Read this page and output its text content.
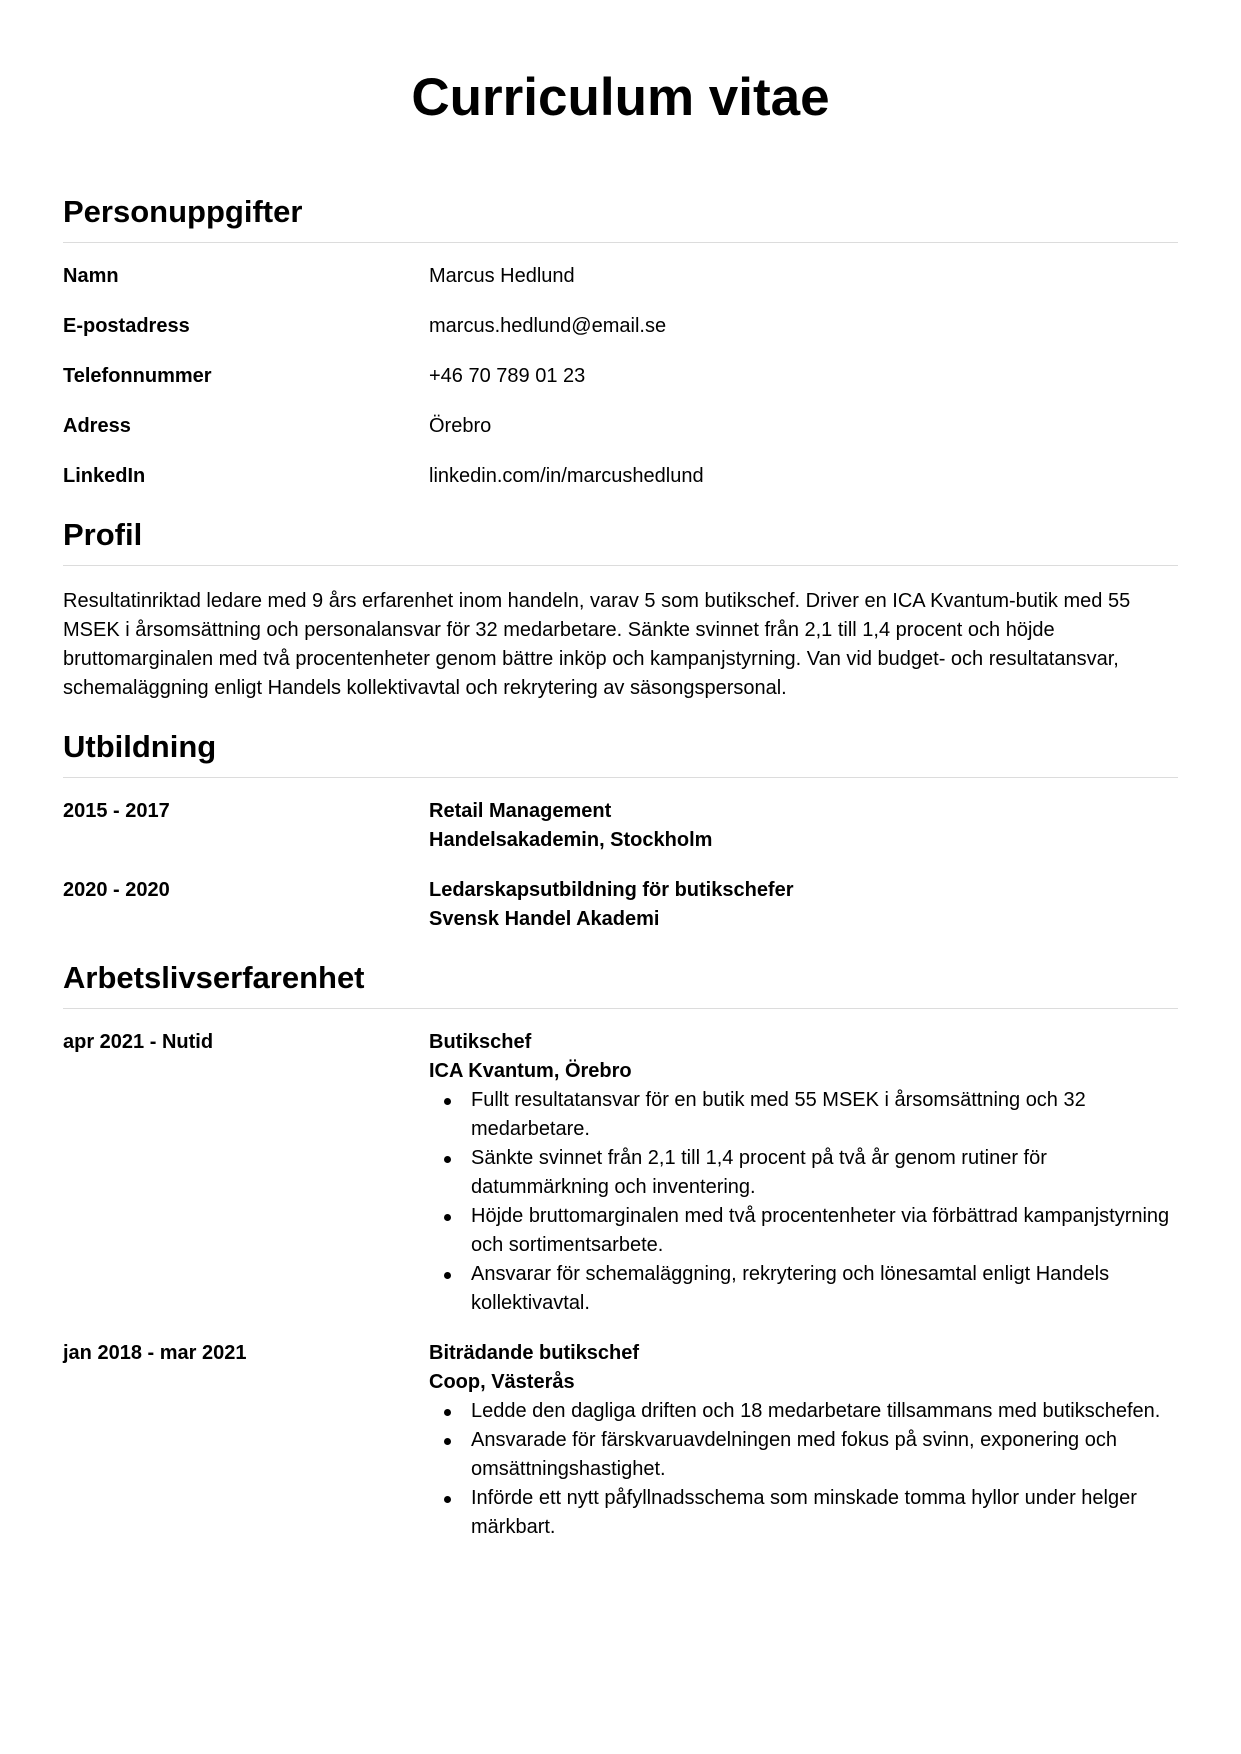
Curriculum vitae
Personuppgifter
Namn	Marcus Hedlund
E-postadress	marcus.hedlund@email.se
Telefonnummer	+46 70 789 01 23
Adress	Örebro
LinkedIn	linkedin.com/in/marcushedlund
Profil

Resultatinriktad ledare med 9 års erfarenhet inom handeln, varav 5 som butikschef. Driver en ICA Kvantum-butik med 55 MSEK i årsomsättning och personalansvar för 32 medarbetare. Sänkte svinnet från 2,1 till 1,4 procent och höjde bruttomarginalen med två procentenheter genom bättre inköp och kampanjstyrning. Van vid budget- och resultatansvar, schemaläggning enligt Handels kollektivavtal och rekrytering av säsongspersonal.

Utbildning
2015 - 2017	Retail Management
Handelsakademin, Stockholm
2020 - 2020	Ledarskapsutbildning för butikschefer
Svensk Handel Akademi
Arbetslivserfarenhet
apr 2021 - Nutid	Butikschef
ICA Kvantum, Örebro
Fullt resultatansvar för en butik med 55 MSEK i årsomsättning och 32 medarbetare.
Sänkte svinnet från 2,1 till 1,4 procent på två år genom rutiner för datummärkning och inventering.
Höjde bruttomarginalen med två procentenheter via förbättrad kampanjstyrning och sortimentsarbete.
Ansvarar för schemaläggning, rekrytering och lönesamtal enligt Handels kollektivavtal.
jan 2018 - mar 2021	Biträdande butikschef
Coop, Västerås
Ledde den dagliga driften och 18 medarbetare tillsammans med butikschefen.
Ansvarade för färskvaruavdelningen med fokus på svinn, exponering och omsättningshastighet.
Införde ett nytt påfyllnadsschema som minskade tomma hyllor under helger märkbart.
